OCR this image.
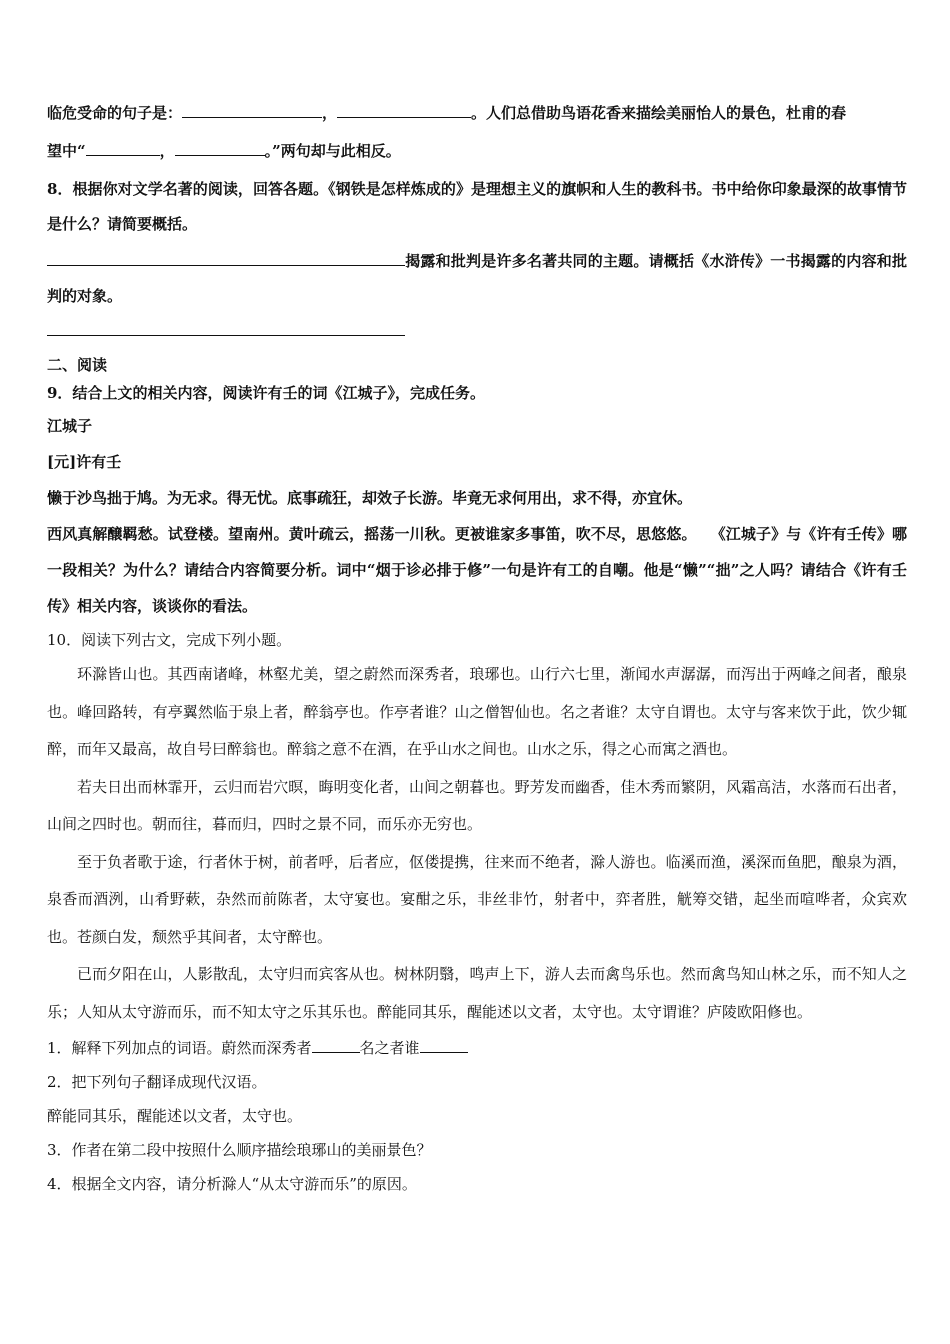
临危受命的句子是：	，	。人们总借助鸟语花香来描绘美丽怡人的景色，杜甫的春

望中“	，	。”两句却与此相反。

8．根据你对文学名著的阅读，回答各题。《钢铁是怎样炼成的》是理想主义的旗帜和人生的教科书。书中给你印象最深的故事情节是什么？请简要概括。

揭露和批判是许多名著共同的主题。请概括《水浒传》一书揭露的内容和批判的对象。

二、阅读

9．结合上文的相关内容，阅读许有壬的词《江城子》，完成任务。

江城子

[元]许有壬

懒于沙鸟拙于鸠。为无求。得无忧。底事疏狂，却效子长游。毕竟无求何用出，求不得，亦宜休。

西风真解醸羁愁。试登楼。望南州。黄叶疏云，摇荡一川秋。更被谁家多事笛，吹不尽，思悠悠。 《江城子》与《许有壬传》哪一段相关？为什么？请结合内容简要分析。词中“烟于诊必排于修”一句是许有工的自嘲。他是“懒”“拙”之人吗？请结合《许有壬传》相关内容，谈谈你的看法。

10．阅读下列古文，完成下列小题。

环滁皆山也。其西南诸峰，林壑尤美，望之蔚然而深秀者，琅琊也。山行六七里，渐闻水声潺潺，而泻出于两峰之间者，酿泉也。峰回路转，有亭翼然临于泉上者，醉翁亭也。作亭者谁？山之僧智仙也。名之者谁？太守自谓也。太守与客来饮于此，饮少辄醉，而年又最高，故自号曰醉翁也。醉翁之意不在酒，在乎山水之间也。山水之乐，得之心而寓之酒也。

若夫日出而林霏开，云归而岩穴暝，晦明变化者，山间之朝暮也。野芳发而幽香，佳木秀而繁阴，风霜高洁，水落而石出者，山间之四时也。朝而往，暮而归，四时之景不同，而乐亦无穷也。

至于负者歌于途，行者休于树，前者呼，后者应，伛偻提携，往来而不绝者，滁人游也。临溪而渔，溪深而鱼肥，酿泉为酒，泉香而酒洌，山肴野蔌，杂然而前陈者，太守宴也。宴酣之乐，非丝非竹，射者中，弈者胜，觥筹交错，起坐而喧哗者，众宾欢也。苍颜白发，颓然乎其间者，太守醉也。

已而夕阳在山，人影散乱，太守归而宾客从也。树林阴翳，鸣声上下，游人去而禽鸟乐也。然而禽鸟知山林之乐，而不知人之乐；人知从太守游而乐，而不知太守之乐其乐也。醉能同其乐，醒能述以文者，太守也。太守谓谁？庐陵欧阳修也。

1．解释下列加点的词语。蔚然而深秀者	名之者谁

2．把下列句子翻译成现代汉语。

醉能同其乐，醒能述以文者，太守也。

3．作者在第二段中按照什么顺序描绘琅琊山的美丽景色？

4．根据全文内容，请分析滁人“从太守游而乐”的原因。
